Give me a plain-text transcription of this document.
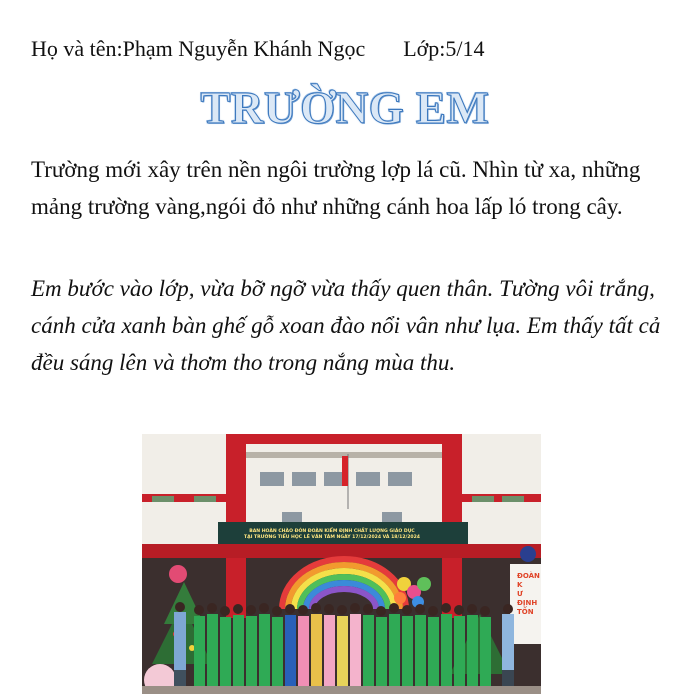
Họ và tên:Phạm Nguyễn Khánh Ngọc Lớp:5/14
TRƯỜNG EM

Trường mới xây trên nền ngôi trường lợp lá cũ. Nhìn từ xa, những mảng trường vàng,ngói đỏ như những cánh hoa lấp ló trong cây.

Em bước vào lớp, vừa bỡ ngỡ vừa thấy quen thân. Tường vôi trắng, cánh cửa xanh bàn ghế gỗ xoan đào nổi vân như lụa. Em thấy tất cả đều sáng lên và thơm tho trong nắng mùa thu.

BAN HOÀN CHÀO ĐÓN ĐOÀN KIỂM ĐỊNH CHẤT LƯỢNG GIÁO DỤC
TẠI TRƯỜNG TIỂU HỌC LÊ VĂN TÁM NGÀY 17/12/2024 VÀ 18/12/2024
ĐOÀN K
Ư ĐỊNH
TỐN
